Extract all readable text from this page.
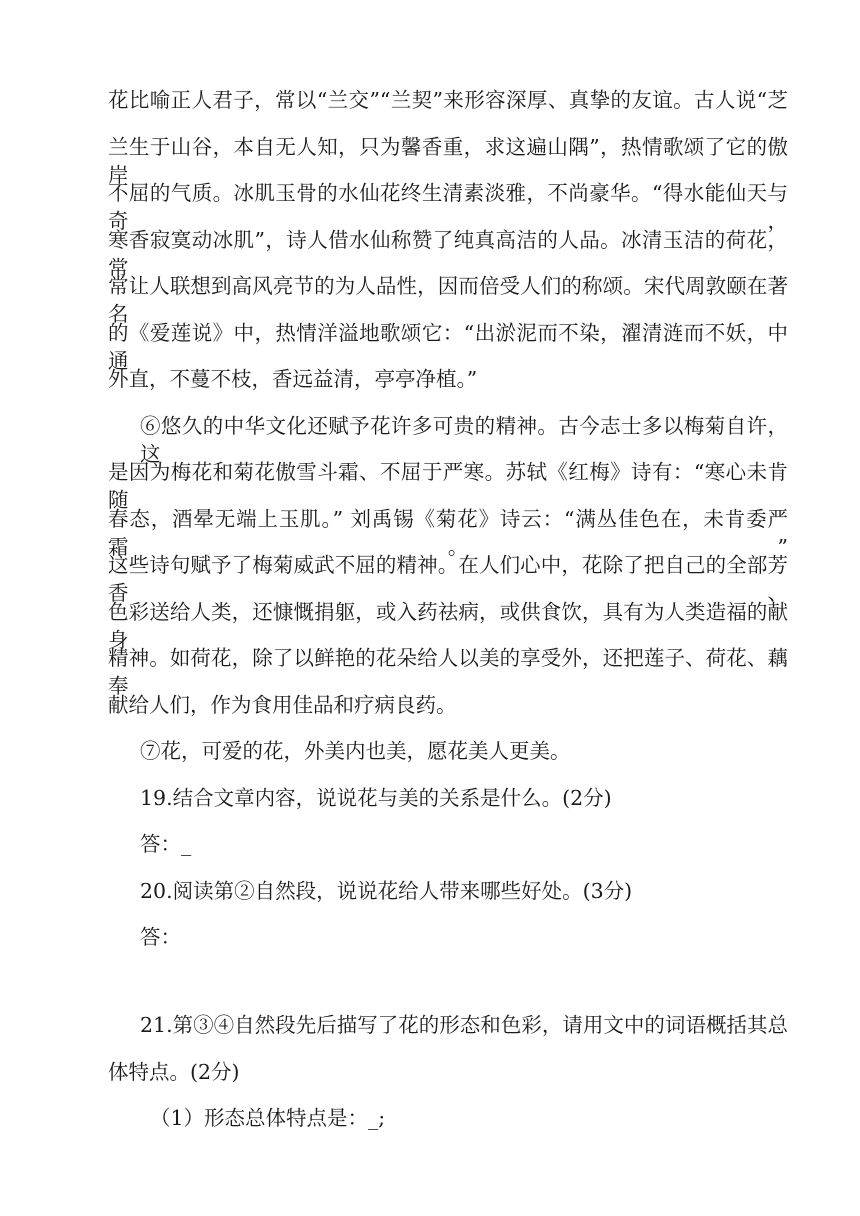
花比喻正人君子，常以“兰交”“兰契”来形容深厚、真挚的友谊。古人说“芝
兰生于山谷，本自无人知，只为馨香重，求这遍山隅”，热情歌颂了它的傲岸
不屈的气质。冰肌玉骨的水仙花终生清素淡雅，不尚豪华。“得水能仙天与奇，
寒香寂寞动冰肌”，诗人借水仙称赞了纯真高洁的人品。冰清玉洁的荷花，常
常让人联想到高风亮节的为人品性，因而倍受人们的称颂。宋代周敦颐在著名
的《爱莲说》中，热情洋溢地歌颂它：“出淤泥而不染，濯清涟而不妖，中通
外直，不蔓不枝，香远益清，亭亭净植。”
⑥悠久的中华文化还赋予花许多可贵的精神。古今志士多以梅菊自许，这
是因为梅花和菊花傲雪斗霜、不屈于严寒。苏轼《红梅》诗有：“寒心未肯随
春态，酒晕无端上玉肌。” 刘禹锡《菊花》诗云：“满丛佳色在，未肯委严霜。”
这些诗句赋予了梅菊威武不屈的精神。在人们心中，花除了把自己的全部芳香、
色彩送给人类，还慷慨捐躯，或入药祛病，或供食饮，具有为人类造福的献身
精神。如荷花，除了以鲜艳的花朵给人以美的享受外，还把莲子、荷花、藕奉
献给人们，作为食用佳品和疗病良药。
⑦花，可爱的花，外美内也美，愿花美人更美。
19.结合文章内容，说说花与美的关系是什么。(2分)
答：_
20.阅读第②自然段，说说花给人带来哪些好处。(3分)
答：
21.第③④自然段先后描写了花的形态和色彩，请用文中的词语概括其总
体特点。(2分)
（1）形态总体特点是：_;
